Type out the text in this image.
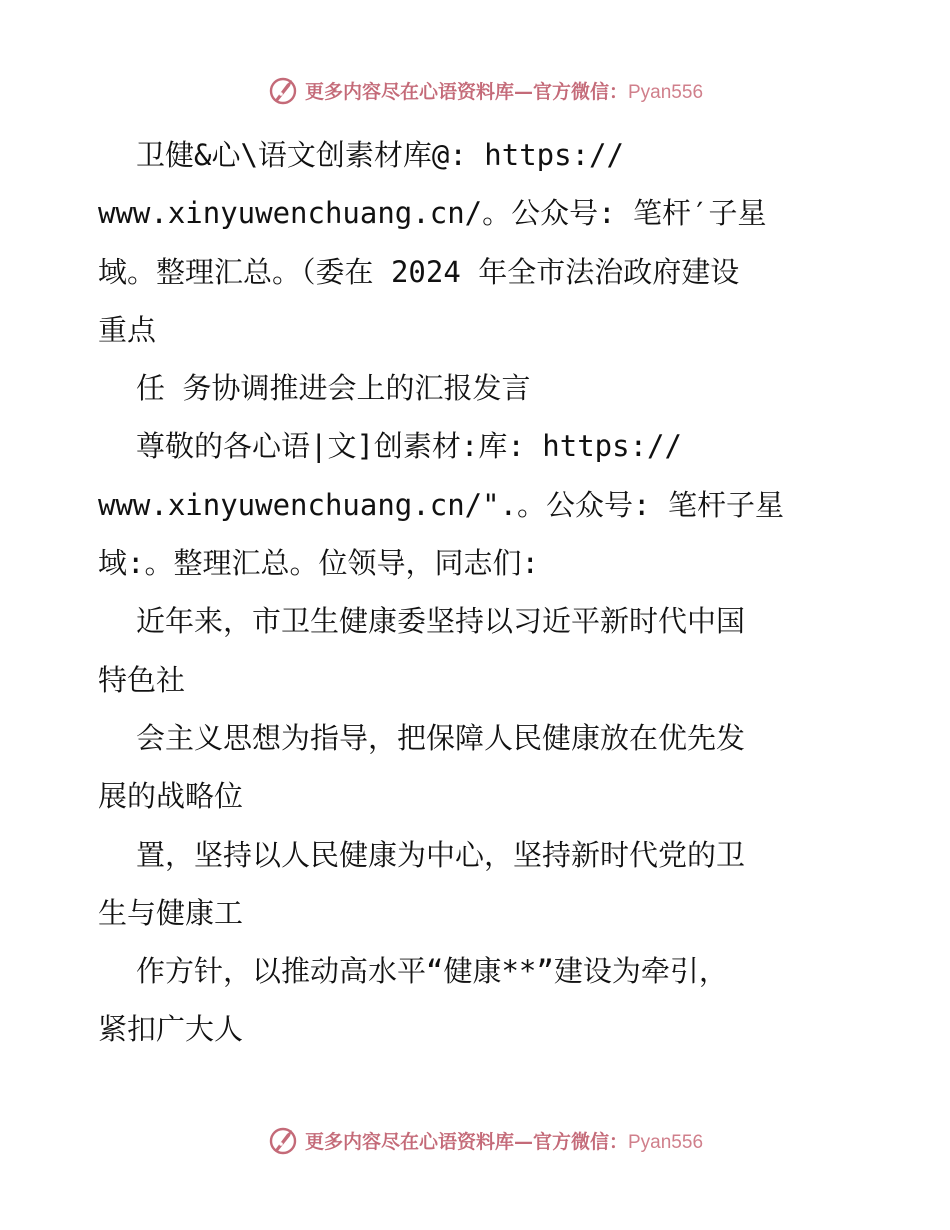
更多内容尽在心语资料库—官方微信：Pyan556
卫健&心\语文创素材库@: https://
www.xinyuwenchuang.cn/。公众号: 笔杆′子星
域。整理汇总。（委在 2024 年全市法治政府建设
重点
任 务协调推进会上的汇报发言
尊敬的各心语|文]创素材:库: https://
www.xinyuwenchuang.cn/".。公众号: 笔杆子星
域:。整理汇总。位领导，同志们:
近年来，市卫生健康委坚持以习近平新时代中国
特色社
会主义思想为指导，把保障人民健康放在优先发
展的战略位
置，坚持以人民健康为中心，坚持新时代党的卫
生与健康工
作方针，以推动高水平“健康**”建设为牵引，
紧扣广大人
更多内容尽在心语资料库—官方微信：Pyan556
